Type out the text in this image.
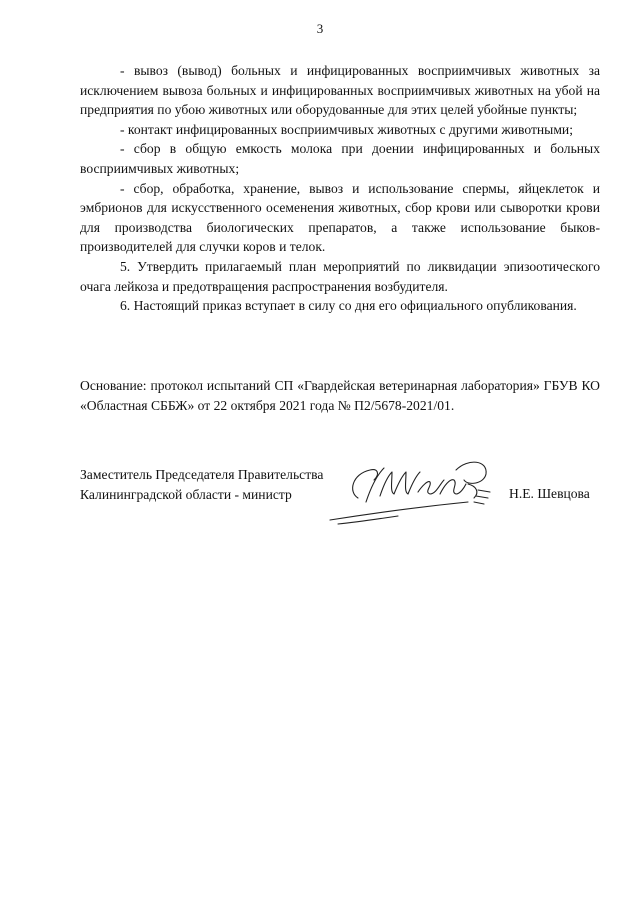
3

- вывоз (вывод) больных и инфицированных восприимчивых животных за исключением вывоза больных и инфицированных восприимчивых животных на убой на предприятия по убою животных или оборудованные для этих целей убойные пункты;

- контакт инфицированных восприимчивых животных с другими животными;

- сбор в общую емкость молока при доении инфицированных и больных восприимчивых животных;

- сбор, обработка, хранение, вывоз и использование спермы, яйцеклеток и эмбрионов для искусственного осеменения животных, сбор крови или сыворотки крови для производства биологических препаратов, а также использование быков-производителей для случки коров и телок.

5. Утвердить прилагаемый план мероприятий по ликвидации эпизоотического очага лейкоза и предотвращения распространения возбудителя.

6. Настоящий приказ вступает в силу со дня его официального опубликования.

Основание: протокол испытаний СП «Гвардейская ветеринарная лаборатория» ГБУВ КО «Областная СББЖ» от 22 октября 2021 года № П2/5678-2021/01.

Заместитель Председателя Правительства
Калининградской области - министр	Н.Е. Шевцова
